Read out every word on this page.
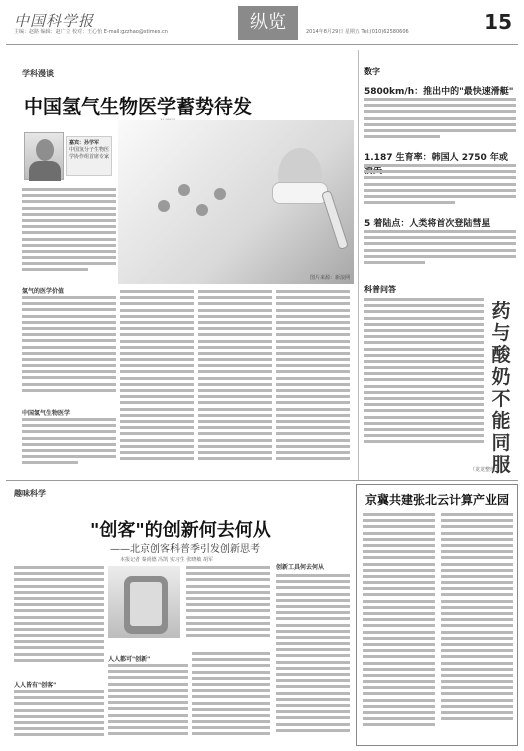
中国科学报
主编：赵路 编辑：赵广立 校对：王心怡 E-mail:gzzhao@stimes.cn	纵览	2014年8月29日 星期五 Tel:(010)62580606	15
学科漫谈
中国氢气生物医学蓄势待发
嘉宾：孙学军
中国氢分子生物医学协作组首席专家
图片来源：新浪网
氢气的医学价值
中国氢气生物医学
数字
5800km/h：推出中的"最快速滑艇"
1.187 生育率：韩国人 2750 年或
5 着陆点：人类将首次登陆彗星
科普问答
药与酸奶不能同服
（龙龙整理）
趣味科学
"创客"的创新何去何从
——北京创客科普季引发创新思考
本报记者 秦尚德 冯凯 实习生 张晓敏 胡军
人人皆有"创客"
人人都可"创新"
创新工具何去何从
京冀共建张北云计算产业园
